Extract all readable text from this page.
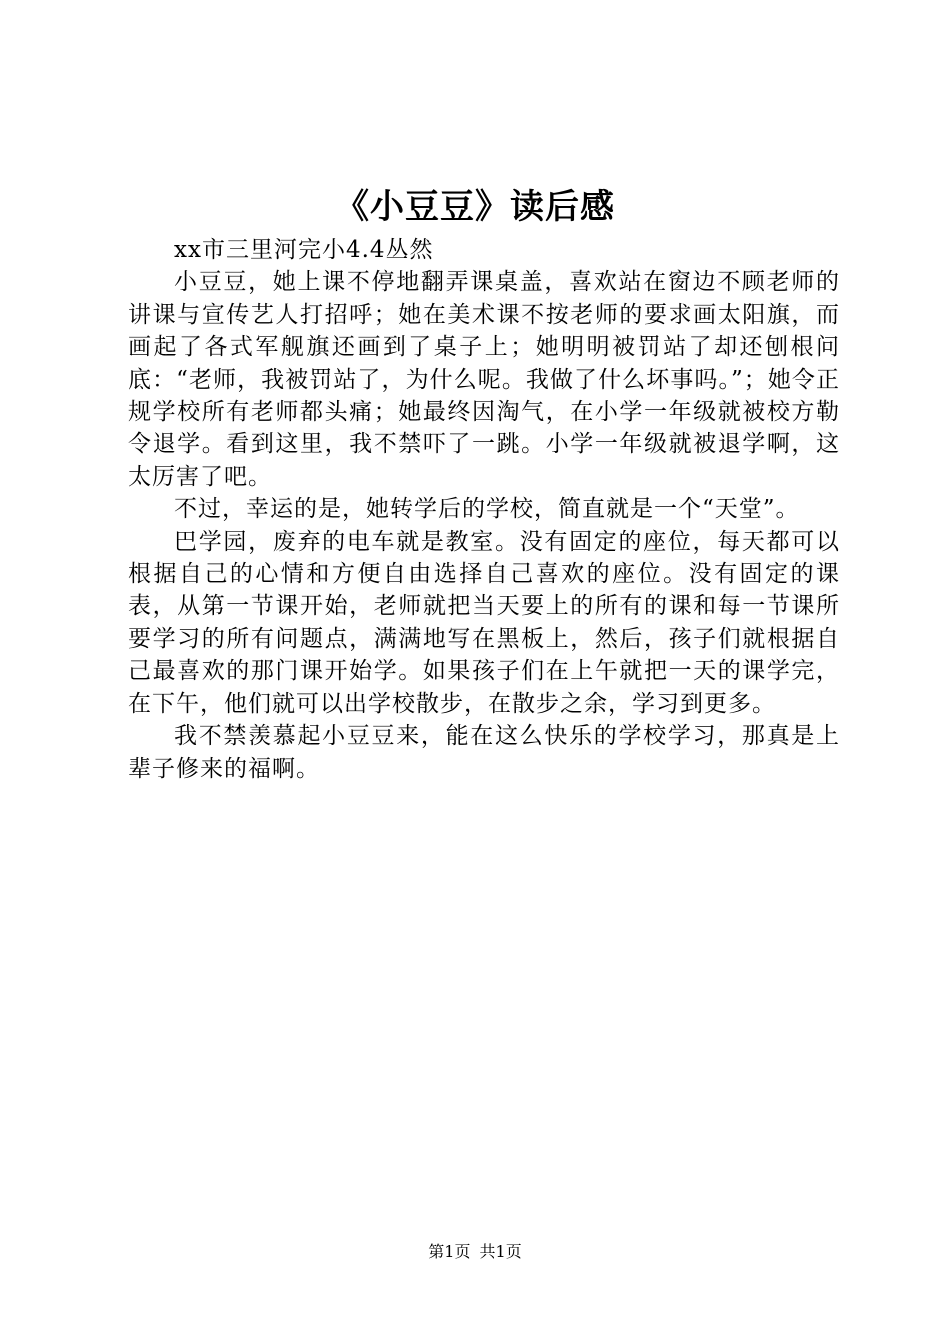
《小豆豆》读后感

xx市三里河完小4.4丛然

小豆豆，她上课不停地翻弄课桌盖，喜欢站在窗边不顾老师的讲课与宣传艺人打招呼；她在美术课不按老师的要求画太阳旗，而画起了各式军舰旗还画到了桌子上；她明明被罚站了却还刨根问底：“老师，我被罚站了，为什么呢。我做了什么坏事吗。”；她令正规学校所有老师都头痛；她最终因淘气，在小学一年级就被校方勒令退学。看到这里，我不禁吓了一跳。小学一年级就被退学啊，这太厉害了吧。

不过，幸运的是，她转学后的学校，简直就是一个“天堂”。

巴学园，废弃的电车就是教室。没有固定的座位，每天都可以根据自己的心情和方便自由选择自己喜欢的座位。没有固定的课表，从第一节课开始，老师就把当天要上的所有的课和每一节课所要学习的所有问题点，满满地写在黑板上，然后，孩子们就根据自己最喜欢的那门课开始学。如果孩子们在上午就把一天的课学完，在下午，他们就可以出学校散步，在散步之余，学习到更多。

我不禁羡慕起小豆豆来，能在这么快乐的学校学习，那真是上辈子修来的福啊。

第1页 共1页
